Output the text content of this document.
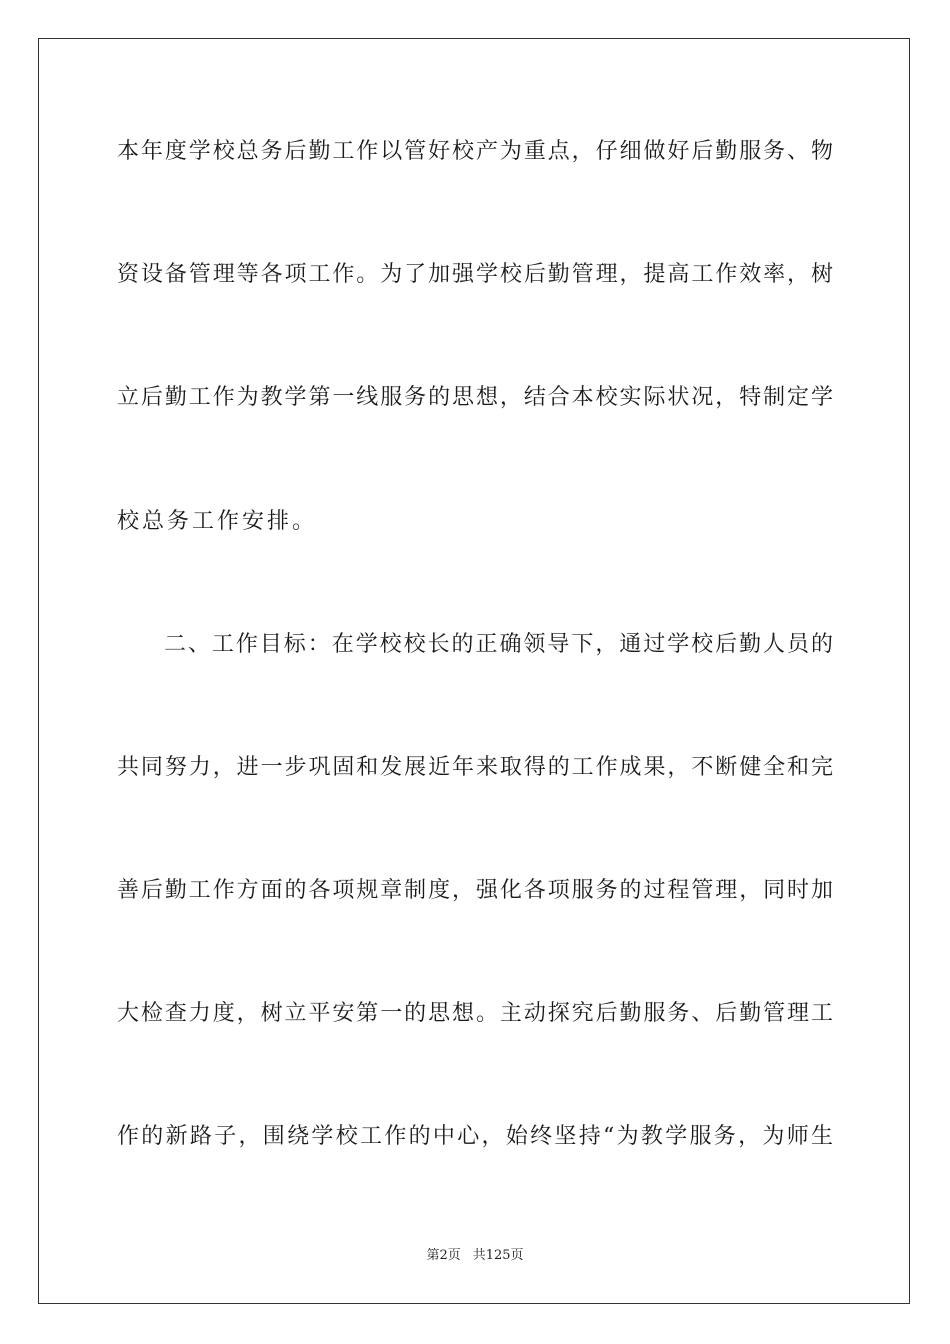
本年度学校总务后勤工作以管好校产为重点，仔细做好后勤服务、物
资设备管理等各项工作。为了加强学校后勤管理，提高工作效率，树
立后勤工作为教学第一线服务的思想，结合本校实际状况，特制定学
校总务工作安排。
二、工作目标：在学校校长的正确领导下，通过学校后勤人员的
共同努力，进一步巩固和发展近年来取得的工作成果，不断健全和完
善后勤工作方面的各项规章制度，强化各项服务的过程管理，同时加
大检查力度，树立平安第一的思想。主动探究后勤服务、后勤管理工
作的新路子，围绕学校工作的中心，始终坚持“为教学服务，为师生
第2页 共125页
